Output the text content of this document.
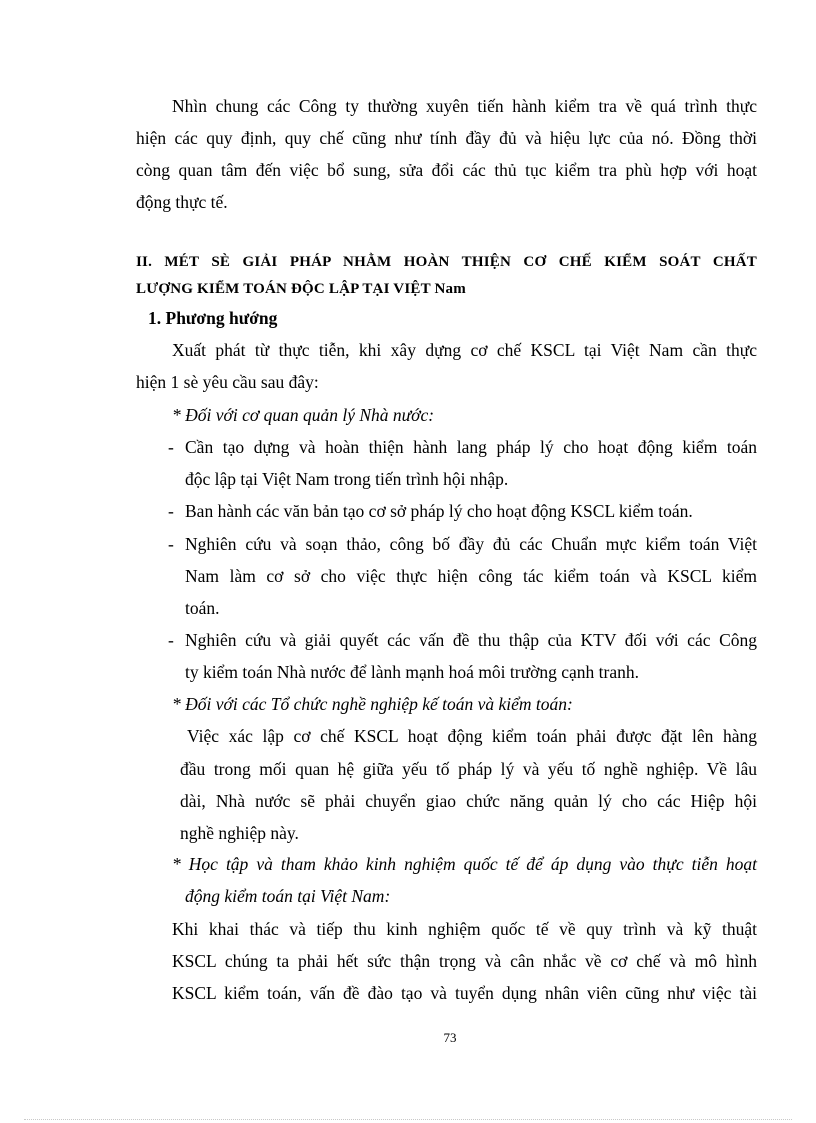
Nhìn chung các Công ty thường xuyên tiến hành kiểm tra về quá trình thực
hiện các quy định, quy chế cũng như tính đầy đủ và hiệu lực của nó. Đồng thời
còng quan tâm đến việc bổ sung, sửa đổi các thủ tục kiểm tra phù hợp với hoạt
động thực tế.
II. MÉT SÈ GIẢI PHÁP NHẰM HOÀN THIỆN CƠ CHẾ KIỂM SOÁT CHẤT
LƯỢNG KIỂM TOÁN ĐỘC LẬP TẠI VIỆT Nam
1. Phương hướng
Xuất phát từ thực tiễn, khi xây dựng cơ chế KSCL tại Việt Nam cần thực
hiện 1 sè yêu cầu sau đây:
* Đối với cơ quan quản lý Nhà nước:
- Cần tạo dựng và hoàn thiện hành lang pháp lý cho hoạt động kiểm toán
độc lập tại Việt Nam trong tiến trình hội nhập.
- Ban hành các văn bản tạo cơ sở pháp lý cho hoạt động KSCL kiểm toán.
- Nghiên cứu và soạn thảo, công bố đầy đủ các Chuẩn mực kiểm toán Việt
Nam làm cơ sở cho việc thực hiện công tác kiểm toán và KSCL kiểm
toán.
- Nghiên cứu và giải quyết các vấn đề thu thập của KTV đối với các Công
ty kiểm toán Nhà nước để lành mạnh hoá môi trường cạnh tranh.
* Đối với các Tổ chức nghề nghiệp kế toán và kiểm toán:
Việc xác lập cơ chế KSCL hoạt động kiểm toán phải được đặt lên hàng
đầu trong mối quan hệ giữa yếu tố pháp lý và yếu tố nghề nghiệp. Về lâu
dài, Nhà nước sẽ phải chuyển giao chức năng quản lý cho các Hiệp hội
nghề nghiệp này.
* Học tập và tham khảo kinh nghiệm quốc tế để áp dụng vào thực tiễn hoạt
động kiểm toán tại Việt Nam:
Khi khai thác và tiếp thu kinh nghiệm quốc tế về quy trình và kỹ thuật
KSCL chúng ta phải hết sức thận trọng và cân nhắc về cơ chế và mô hình
KSCL kiểm toán, vấn đề đào tạo và tuyển dụng nhân viên cũng như việc tài
73
